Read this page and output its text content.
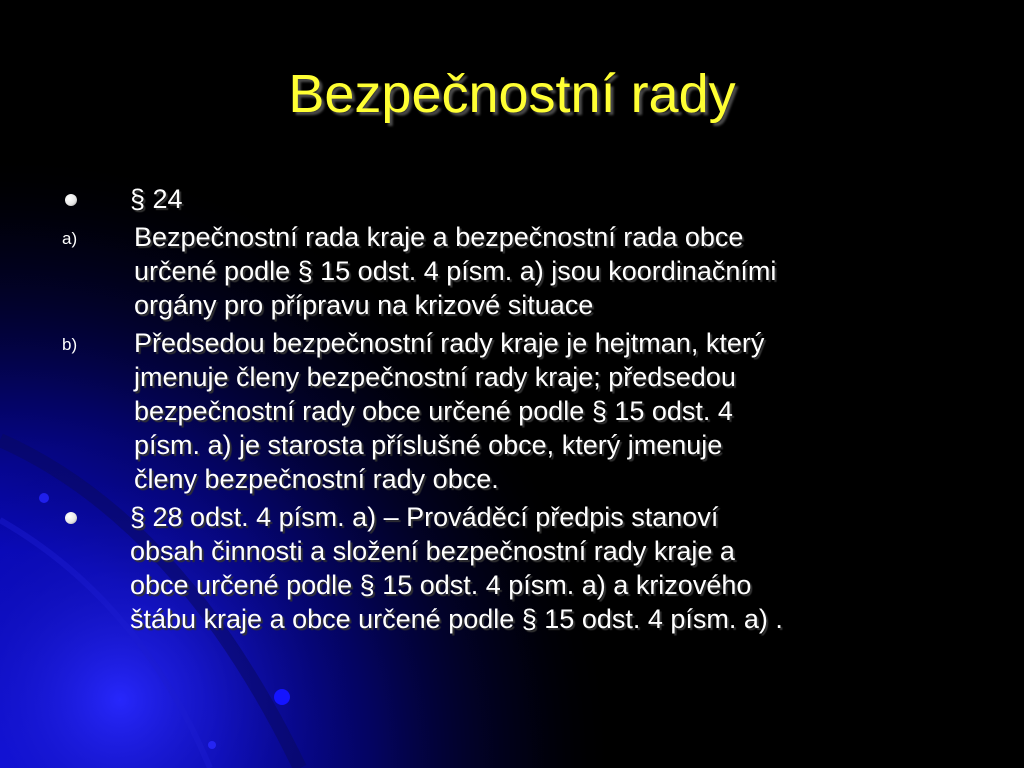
Bezpečnostní rady
§ 24
a)	Bezpečnostní rada kraje a bezpečnostní rada obce
určené podle § 15 odst. 4 písm. a) jsou koordinačními
orgány pro přípravu na krizové situace
b)	Předsedou bezpečnostní rady kraje je hejtman, který
jmenuje členy bezpečnostní rady kraje; předsedou
bezpečnostní rady obce určené podle § 15 odst. 4
písm. a) je starosta příslušné obce, který jmenuje
členy bezpečnostní rady obce.
§ 28 odst. 4 písm. a) – Prováděcí předpis stanoví
obsah činnosti a složení bezpečnostní rady kraje a
obce určené podle § 15 odst. 4 písm. a) a krizového
štábu kraje a obce určené podle § 15 odst. 4 písm. a) .
